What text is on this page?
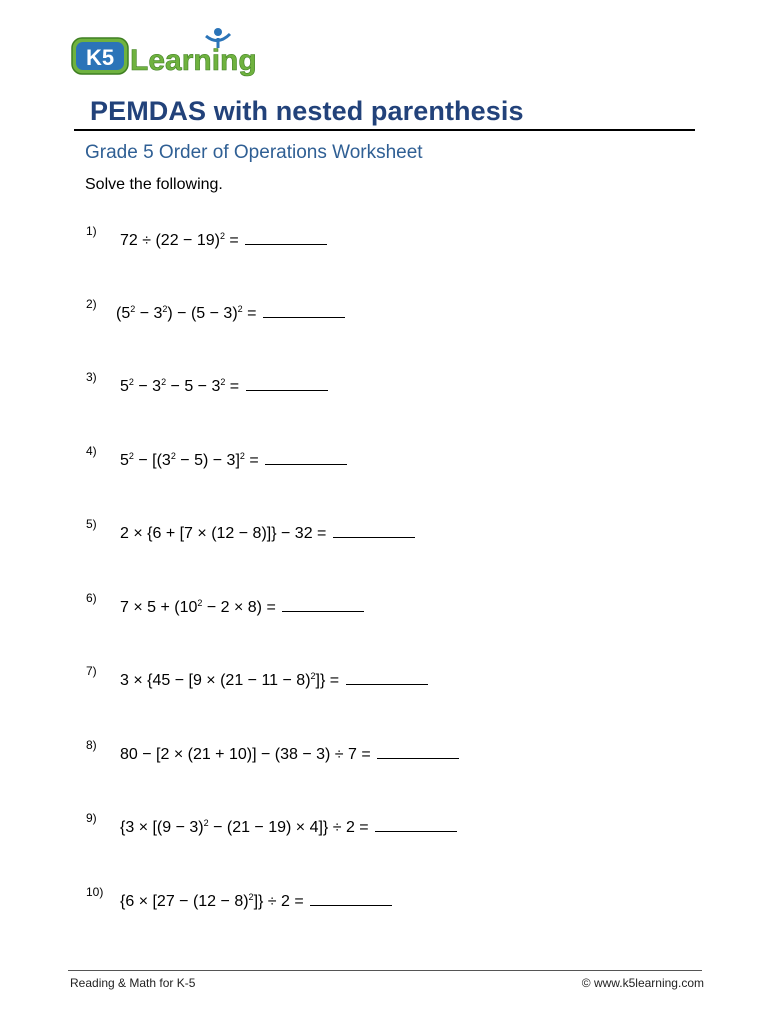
K5 Learning
PEMDAS with nested parenthesis
Grade 5 Order of Operations Worksheet
Solve the following.
1)
$72 \div (22 - 19)^2$ =
2)
$(5^2 - 3^2) - (5 - 3)^2$ =
3)
$5^2 - 3^2 - 5 - 3^2$ =
4)
$5^2 - [(3^2 - 5) - 3]^2$ =
5)
2 × {6 + [7 × (12 − 8)]} − 32 =
6)
$7 \times 5 + (10^2 - 2 \times 8)$ =
7)
$3 \times \{45 - [9 \times (21 - 11 - 8)^2]\}$ =
8)
80 − [2 × (21 + 10)] − (38 − 3) ÷ 7 =
9)
$\{3 \times [(9 - 3)^2 - (21 - 19) \times 4]\} \div 2$ =
10)
$\{6 \times [27 - (12 - 8)^2]\} \div 2$ =
Reading & Math for K-5	© www.k5learning.com
